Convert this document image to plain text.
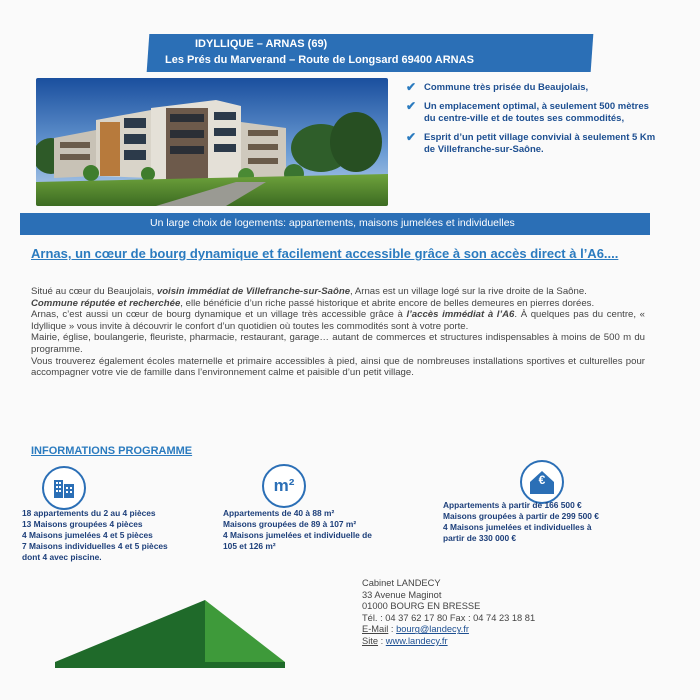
IDYLLIQUE – ARNAS (69)
Les Prés du Marverand – Route de Longsard 69400 ARNAS
✔ Commune très prisée du Beaujolais,
✔ Un emplacement optimal, à seulement 500 mètres du centre-ville et de toutes ses commodités,
✔ Esprit d’un petit village convivial à seulement 5 Km de Villefranche-sur-Saône.
Un large choix de logements: appartements, maisons jumelées et individuelles
Arnas, un cœur de bourg dynamique et facilement accessible grâce à son accès direct à l’A6....

Situé au cœur du Beaujolais, voisin immédiat de Villefranche-sur-Saône, Arnas est un village logé sur la rive droite de la Saône.

Commune réputée et recherchée, elle bénéficie d’un riche passé historique et abrite encore de belles demeures en pierres dorées.

Arnas, c’est aussi un cœur de bourg dynamique et un village très accessible grâce à l’accès immédiat à l’A6. À quelques pas du centre, « Idyllique » vous invite à découvrir le confort d’un quotidien où toutes les commodités sont à votre porte.

Mairie, église, boulangerie, fleuriste, pharmacie, restaurant, garage… autant de commerces et structures indispensables à moins de 500 m du programme.

Vous trouverez également écoles maternelle et primaire accessibles à pied, ainsi que de nombreuses installations sportives et culturelles pour accompagner votre vie de famille dans l’environnement calme et paisible d’un petit village.

INFORMATIONS PROGRAMME
m²	€
18 appartements du 2 au 4 pièces
13 Maisons groupées 4 pièces
4 Maisons jumelées 4 et 5 pièces
7 Maisons individuelles 4 et 5 pièces
dont 4 avec piscine.
Appartements de 40 à 88 m²
Maisons groupées de 89 à 107 m²
4 Maisons jumelées et individuelle de
105 et 126 m²
Appartements à partir de 166 500 €
Maisons groupées à partir de 299 500 €
4 Maisons jumelées et individuelles à
partir de 330 000 €
Cabinet LANDECY
33 Avenue Maginot
01000 BOURG EN BRESSE
Tél. : 04 37 62 17 80 Fax : 04 74 23 18 81
E-Mail : bourg@landecy.fr
Site : www.landecy.fr
